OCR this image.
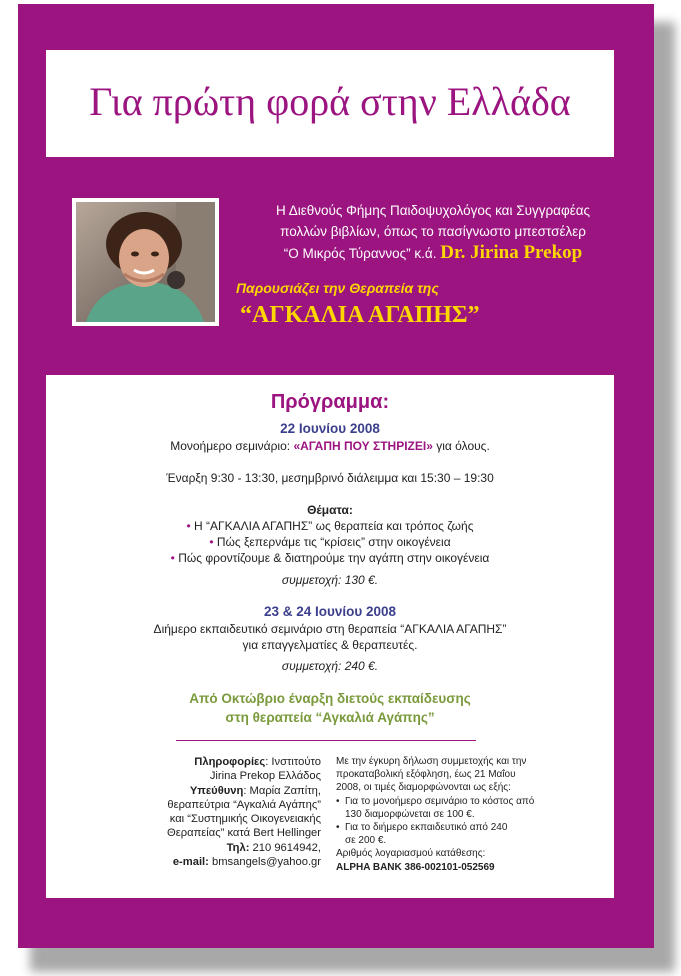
Για πρώτη φορά στην Ελλάδα
Η Διεθνούς Φήμης Παιδοψυχολόγος και Συγγραφέας
πολλών βιβλίων, όπως το πασίγνωστο μπεστσέλερ
“Ο Μικρός Τύραννος” κ.ά. Dr. Jirina Prekop
Παρουσιάζει την Θεραπεία της
“ΑΓΚΑΛΙΑ ΑΓΑΠΗΣ”
Πρόγραμμα:
22 Ιουνίου 2008
Μονοήμερο σεμινάριο: «ΑΓΑΠΗ ΠΟΥ ΣΤΗΡΙΖΕΙ» για όλους.
Έναρξη 9:30 - 13:30, μεσημβρινό διάλειμμα και 15:30 – 19:30
Θέματα:
• Η “ΑΓΚΑΛΙΑ ΑΓΑΠΗΣ” ως θεραπεία και τρόπος ζωής
• Πώς ξεπερνάμε τις “κρίσεις” στην οικογένεια
• Πώς φροντίζουμε & διατηρούμε την αγάπη στην οικογένεια
συμμετοχή: 130 €.
23 & 24 Ιουνίου 2008
Διήμερο εκπαιδευτικό σεμινάριο στη θεραπεία “ΑΓΚΑΛΙΑ ΑΓΑΠΗΣ”
για επαγγελματίες & θεραπευτές.
συμμετοχή: 240 €.
Από Οκτώβριο έναρξη διετούς εκπαίδευσης
στη θεραπεία “Αγκαλιά Αγάπης”
Πληροφορίες: Ινστιτούτο
Jirina Prekop Ελλάδος
Υπεύθυνη: Μαρία Ζαπίτη,
θεραπεύτρια “Αγκαλιά Αγάπης”
και “Συστημικής Οικογενειακής
Θεραπείας” κατά Bert Hellinger
Τηλ: 210 9614942,
e-mail: bmsangels@yahoo.gr
Με την έγκυρη δήλωση συμμετοχής και την
προκαταβολική εξόφληση, έως 21 Μαΐου
2008, οι τιμές διαμορφώνονται ως εξής:
• Για το μονοήμερο σεμινάριο το κόστος από
130 διαμορφώνεται σε 100 €.
• Για το διήμερο εκπαιδευτικό από 240
σε 200 €.
Αριθμός λογαριασμού κατάθεσης:
ALPHA BANK 386-002101-052569
